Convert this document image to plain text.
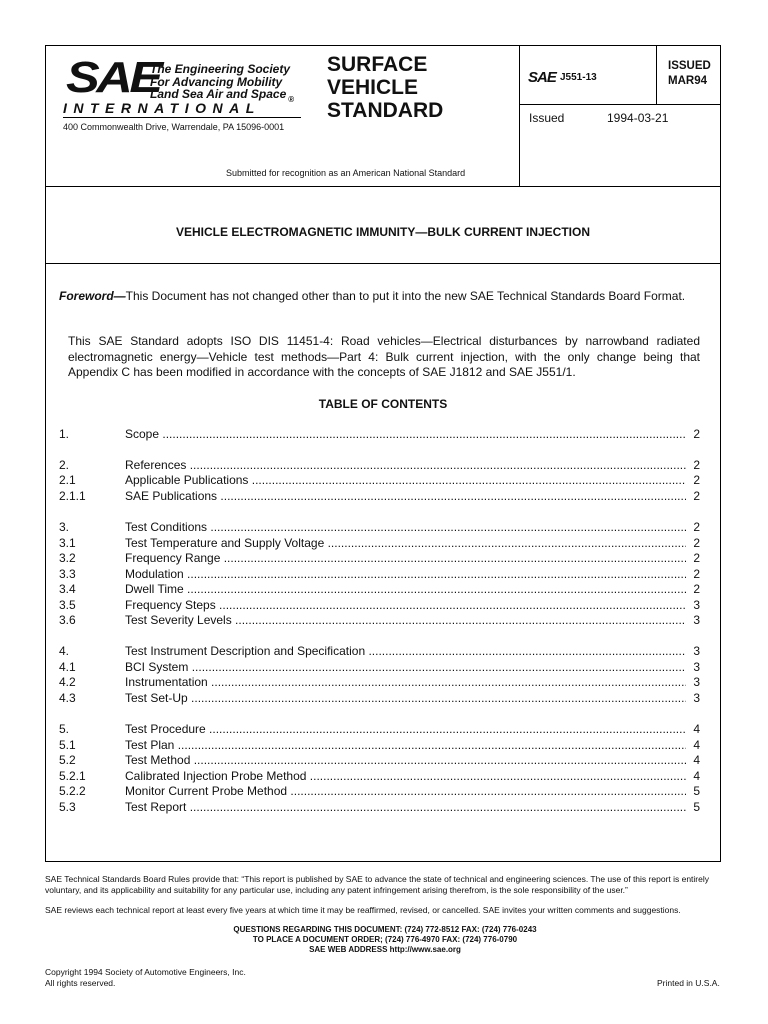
SAE
The Engineering Society
For Advancing Mobility
Land Sea Air and Space $_®$
INTERNATIONAL
400 Commonwealth Drive, Warrendale, PA 15096-0001
SURFACE
VEHICLE
STANDARD
Submitted for recognition as an American National Standard
SAE J551-13
ISSUED
MAR94
Issued	1994-03-21
VEHICLE ELECTROMAGNETIC IMMUNITY—BULK CURRENT INJECTION
Foreword—This Document has not changed other than to put it into the new SAE Technical Standards Board Format.
This SAE Standard adopts ISO DIS 11451-4: Road vehicles—Electrical disturbances by narrowband radiated electromagnetic energy—Vehicle test methods—Part 4: Bulk current injection, with the only change being that Appendix C has been modified in accordance with the concepts of SAE J1812 and SAE J551/1.
TABLE OF CONTENTS
1.	Scope .....	2
2.	References .....	2
2.1	Applicable Publications .....	2
2.1.1	SAE Publications .....	2
3.	Test Conditions .....	2
3.1	Test Temperature and Supply Voltage .....	2
3.2	Frequency Range .....	2
3.3	Modulation .....	2
3.4	Dwell Time .....	2
3.5	Frequency Steps .....	3
3.6	Test Severity Levels .....	3
4.	Test Instrument Description and Specification .....	3
4.1	BCI System .....	3
4.2	Instrumentation .....	3
4.3	Test Set-Up .....	3
5.	Test Procedure .....	4
5.1	Test Plan .....	4
5.2	Test Method .....	4
5.2.1	Calibrated Injection Probe Method .....	4
5.2.2	Monitor Current Probe Method .....	5
5.3	Test Report .....	5
SAE Technical Standards Board Rules provide that: “This report is published by SAE to advance the state of technical and engineering sciences. The use of this report is entirely voluntary, and its applicability and suitability for any particular use, including any patent infringement arising therefrom, is the sole responsibility of the user.”
SAE reviews each technical report at least every five years at which time it may be reaffirmed, revised, or cancelled. SAE invites your written comments and suggestions.
QUESTIONS REGARDING THIS DOCUMENT: (724) 772-8512 FAX: (724) 776-0243
TO PLACE A DOCUMENT ORDER; (724) 776-4970 FAX: (724) 776-0790
SAE WEB ADDRESS http://www.sae.org
Copyright 1994 Society of Automotive Engineers, Inc.
All rights reserved.	Printed in U.S.A.
